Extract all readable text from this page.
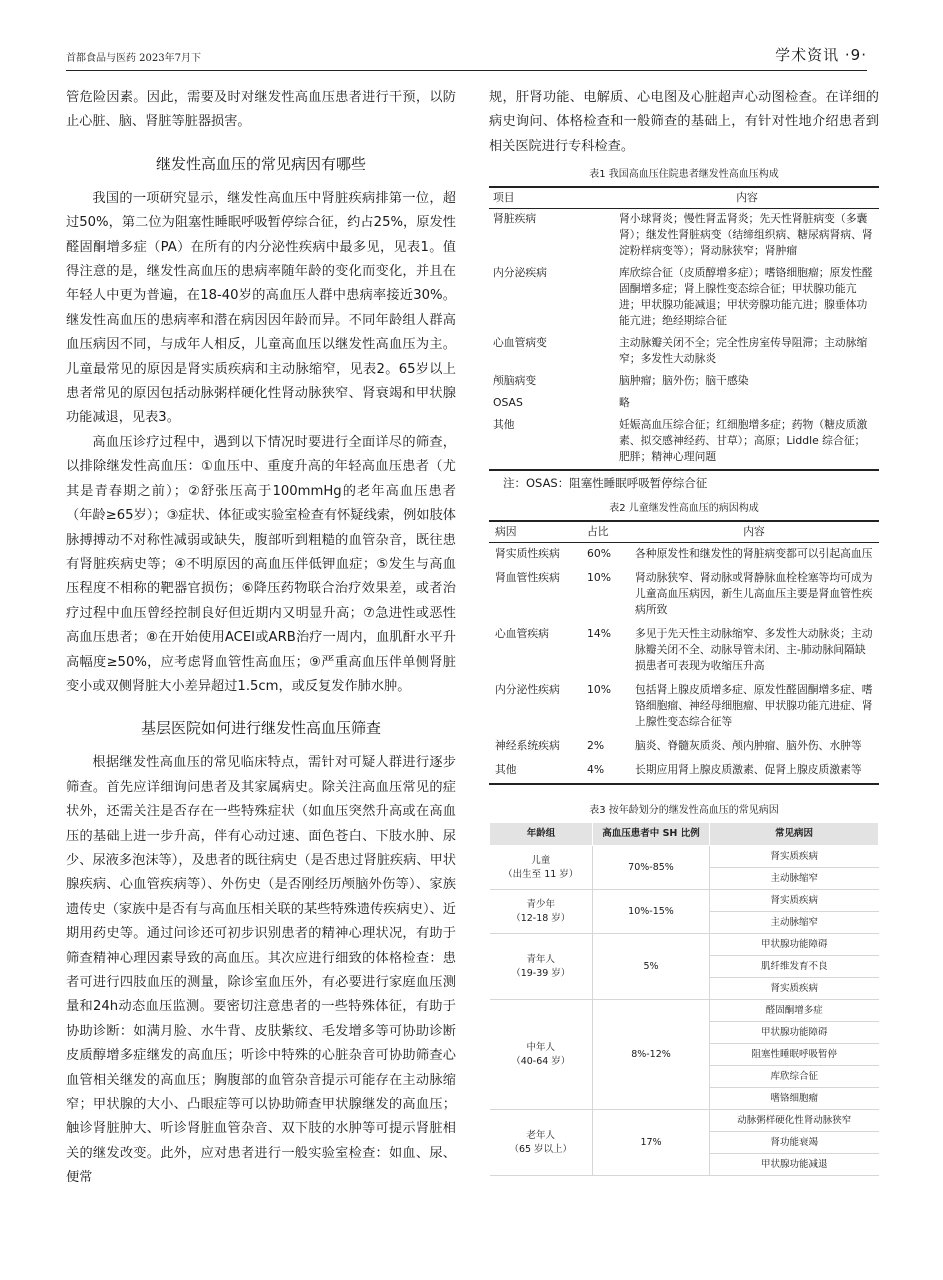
首都食品与医药 2023年7月下	学术资讯 ·9·

管危险因素。因此，需要及时对继发性高血压患者进行干预，以防止心脏、脑、肾脏等脏器损害。

继发性高血压的常见病因有哪些

我国的一项研究显示，继发性高血压中肾脏疾病排第一位，超过50%，第二位为阻塞性睡眠呼吸暂停综合征，约占25%，原发性醛固酮增多症（PA）在所有的内分泌性疾病中最多见，见表1。值得注意的是，继发性高血压的患病率随年龄的变化而变化，并且在年轻人中更为普遍，在18-40岁的高血压人群中患病率接近30%。继发性高血压的患病率和潜在病因因年龄而异。不同年龄组人群高血压病因不同，与成年人相反，儿童高血压以继发性高血压为主。儿童最常见的原因是肾实质疾病和主动脉缩窄，见表2。65岁以上患者常见的原因包括动脉粥样硬化性肾动脉狭窄、肾衰竭和甲状腺功能减退，见表3。

高血压诊疗过程中，遇到以下情况时要进行全面详尽的筛查，以排除继发性高血压：①血压中、重度升高的年轻高血压患者（尤其是青春期之前）；②舒张压高于100mmHg的老年高血压患者（年龄≥65岁）；③症状、体征或实验室检查有怀疑线索，例如肢体脉搏搏动不对称性减弱或缺失，腹部听到粗糙的血管杂音，既往患有肾脏疾病史等；④不明原因的高血压伴低钾血症；⑤发生与高血压程度不相称的靶器官损伤；⑥降压药物联合治疗效果差，或者治疗过程中血压曾经控制良好但近期内又明显升高；⑦急进性或恶性高血压患者；⑧在开始使用ACEI或ARB治疗一周内，血肌酐水平升高幅度≥50%，应考虑肾血管性高血压；⑨严重高血压伴单侧肾脏变小或双侧肾脏大小差异超过1.5cm，或反复发作肺水肿。

基层医院如何进行继发性高血压筛查

根据继发性高血压的常见临床特点，需针对可疑人群进行逐步筛查。首先应详细询问患者及其家属病史。除关注高血压常见的症状外，还需关注是否存在一些特殊症状（如血压突然升高或在高血压的基础上进一步升高，伴有心动过速、面色苍白、下肢水肿、尿少、尿液多泡沫等），及患者的既往病史（是否患过肾脏疾病、甲状腺疾病、心血管疾病等）、外伤史（是否刚经历颅脑外伤等）、家族遗传史（家族中是否有与高血压相关联的某些特殊遗传疾病史）、近期用药史等。通过问诊还可初步识别患者的精神心理状况，有助于筛查精神心理因素导致的高血压。其次应进行细致的体格检查：患者可进行四肢血压的测量，除诊室血压外，有必要进行家庭血压测量和24h动态血压监测。要密切注意患者的一些特殊体征，有助于协助诊断：如满月脸、水牛背、皮肤紫纹、毛发增多等可协助诊断皮质醇增多症继发的高血压；听诊中特殊的心脏杂音可协助筛查心血管相关继发的高血压；胸腹部的血管杂音提示可能存在主动脉缩窄；甲状腺的大小、凸眼症等可以协助筛查甲状腺继发的高血压；触诊肾脏肿大、听诊肾脏血管杂音、双下肢的水肿等可提示肾脏相关的继发改变。此外，应对患者进行一般实验室检查：如血、尿、便常

规，肝肾功能、电解质、心电图及心脏超声心动图检查。在详细的病史询问、体格检查和一般筛查的基础上，有针对性地介绍患者到相关医院进行专科检查。

表1 我国高血压住院患者继发性高血压构成
项目	内容
肾脏疾病	肾小球肾炎；慢性肾盂肾炎；先天性肾脏病变（多囊肾）；继发性肾脏病变（结缔组织病、糖尿病肾病、肾淀粉样病变等）；肾动脉狭窄；肾肿瘤
内分泌疾病	库欣综合征（皮质醇增多症）；嗜铬细胞瘤；原发性醛固酮增多症；肾上腺性变态综合征；甲状腺功能亢进；甲状腺功能减退；甲状旁腺功能亢进；腺垂体功能亢进；绝经期综合征
心血管病变	主动脉瓣关闭不全；完全性房室传导阻滞；主动脉缩窄；多发性大动脉炎
颅脑病变	脑肿瘤；脑外伤；脑干感染
OSAS	略
其他	妊娠高血压综合征；红细胞增多症；药物（糖皮质激素、拟交感神经药、甘草）；高原；Liddle 综合征；肥胖；精神心理问题
注：OSAS：阻塞性睡眠呼吸暂停综合征
表2 儿童继发性高血压的病因构成
病因	占比	内容
肾实质性疾病	60%	各种原发性和继发性的肾脏病变都可以引起高血压
肾血管性疾病	10%	肾动脉狭窄、肾动脉或肾静脉血栓栓塞等均可成为儿童高血压病因，新生儿高血压主要是肾血管性疾病所致
心血管疾病	14%	多见于先天性主动脉缩窄、多发性大动脉炎；主动脉瓣关闭不全、动脉导管未闭、主-肺动脉间隔缺损患者可表现为收缩压升高
内分泌性疾病	10%	包括肾上腺皮质增多症、原发性醛固酮增多症、嗜铬细胞瘤、神经母细胞瘤、甲状腺功能亢进症、肾上腺性变态综合征等
神经系统疾病	2%	脑炎、脊髓灰质炎、颅内肿瘤、脑外伤、水肿等
其他	4%	长期应用肾上腺皮质激素、促肾上腺皮质激素等
表3 按年龄划分的继发性高血压的常见病因
年龄组	高血压患者中 SH 比例	常见病因
儿童
（出生至 11 岁）	70%-85%	肾实质疾病
		主动脉缩窄
青少年
（12-18 岁）	10%-15%	肾实质疾病
		主动脉缩窄
青年人
（19-39 岁）	5%	甲状腺功能障碍
		肌纤维发育不良
		肾实质疾病
中年人
（40-64 岁）	8%-12%	醛固酮增多症
		甲状腺功能障碍
		阻塞性睡眠呼吸暂停
		库欣综合征
		嗜铬细胞瘤
老年人
（65 岁以上）	17%	动脉粥样硬化性肾动脉狭窄
		肾功能衰竭
		甲状腺功能减退
